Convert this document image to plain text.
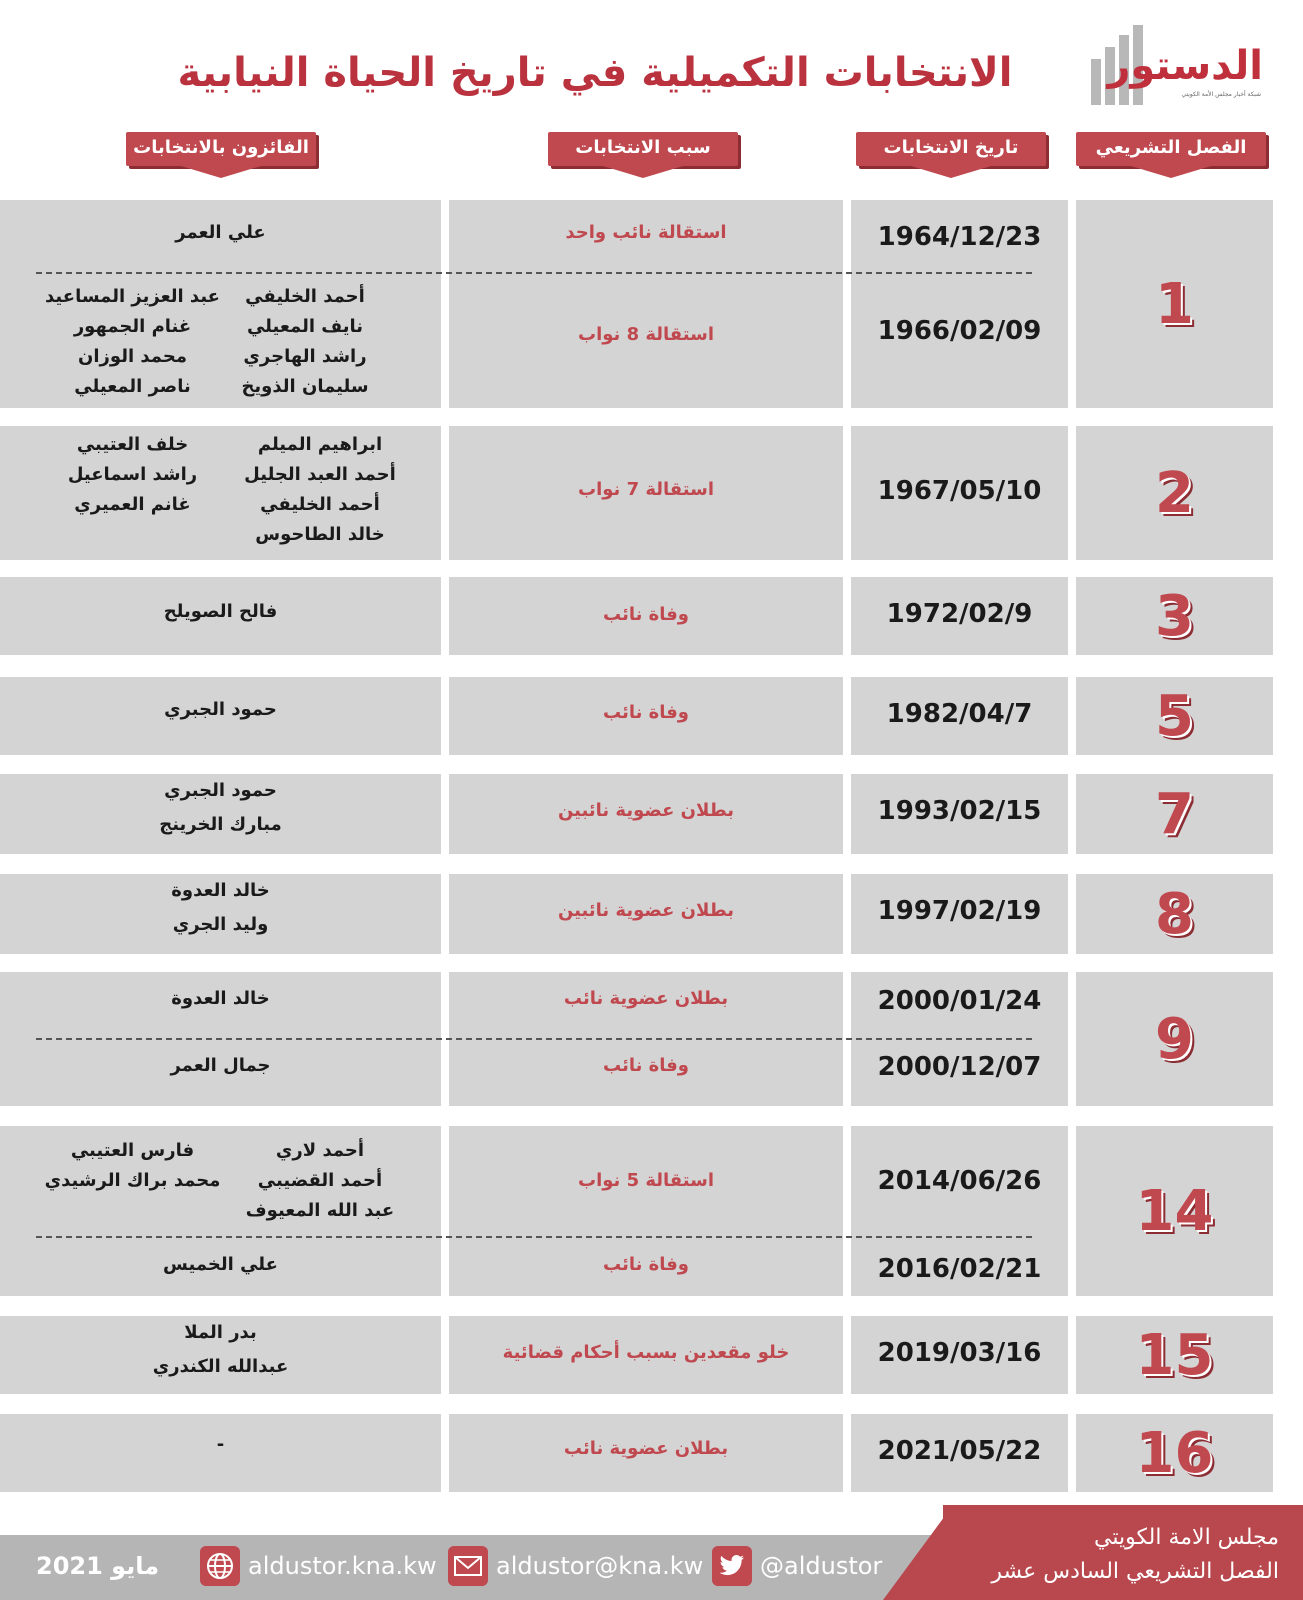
الانتخابات التكميلية في تاريخ الحياة النيابية	الدستور
شبكة أخبار مجلس الأمة الكويتي
الفصل التشريعي
تاريخ الانتخابات
سبب الانتخابات
الفائزون بالانتخابات
1
1964/12/23
1966/02/09
استقالة نائب واحد
استقالة 8 نواب
علي العمر
أحمد الخليفي
نايف المعيلي
راشد الهاجري
سليمان الذويخ
عبد العزيز المساعيد
غنام الجمهور
محمد الوزان
ناصر المعيلي
2
1967/05/10
استقالة 7 نواب
ابراهيم الميلم
أحمد العبد الجليل
أحمد الخليفي
خالد الطاحوس
خلف العتيبي
راشد اسماعيل
غانم العميري
3
1972/02/9
وفاة نائب
فالح الصويلح
5
1982/04/7
وفاة نائب
حمود الجبري
7
1993/02/15
بطلان عضوية نائبين
حمود الجبري
مبارك الخرينج
8
1997/02/19
بطلان عضوية نائبين
خالد العدوة
وليد الجري
9
2000/01/24
2000/12/07
بطلان عضوية نائب
وفاة نائب
خالد العدوة
جمال العمر
14
2014/06/26
2016/02/21
استقالة 5 نواب
وفاة نائب
أحمد لاري
أحمد القضيبي
عبد الله المعيوف
فارس العتيبي
محمد براك الرشيدي
علي الخميس
15
2019/03/16
خلو مقعدين بسبب أحكام قضائية
بدر الملا
عبدالله الكندري
16
2021/05/22
بطلان عضوية نائب
-
مجلس الامة الكويتي
الفصل التشريعي السادس عشر
@aldustor
aldustor@kna.kw
aldustor.kna.kw
مايو 2021
